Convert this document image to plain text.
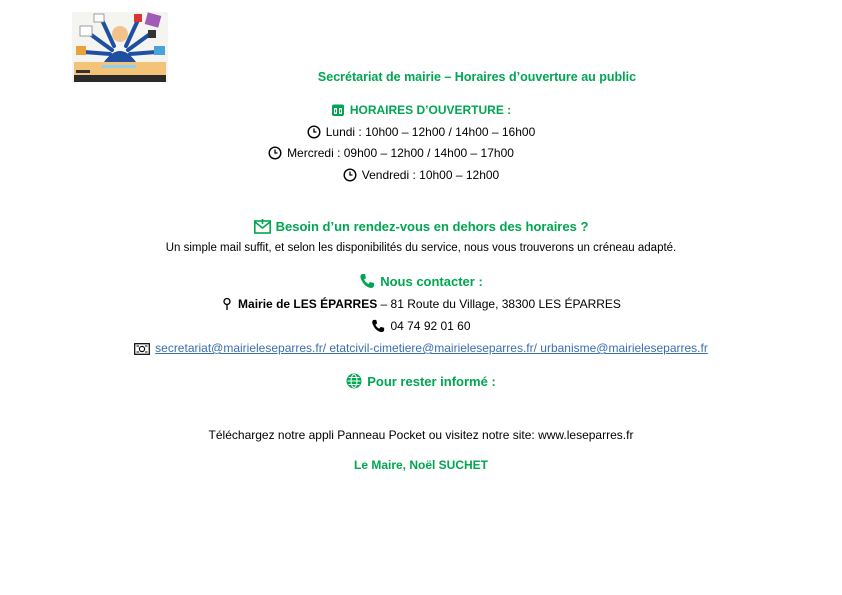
Secrétariat de mairie – Horaires d’ouverture au public
HORAIRES D’OUVERTURE :
Lundi : 10h00 – 12h00 / 14h00 – 16h00
Mercredi : 09h00 – 12h00 / 14h00 – 17h00
Vendredi : 10h00 – 12h00
Besoin d’un rendez-vous en dehors des horaires ?
Un simple mail suffit, et selon les disponibilités du service, nous vous trouverons un créneau adapté.
Nous contacter :
Mairie de LES ÉPARRES – 81 Route du Village, 38300 LES ÉPARRES
04 74 92 01 60
secretariat@mairieleseparres.fr/ etatcivil-cimetiere@mairieleseparres.fr/ urbanisme@mairieleseparres.fr
Pour rester informé :
Téléchargez notre appli Panneau Pocket ou visitez notre site: www.leseparres.fr
Le Maire, Noël SUCHET
